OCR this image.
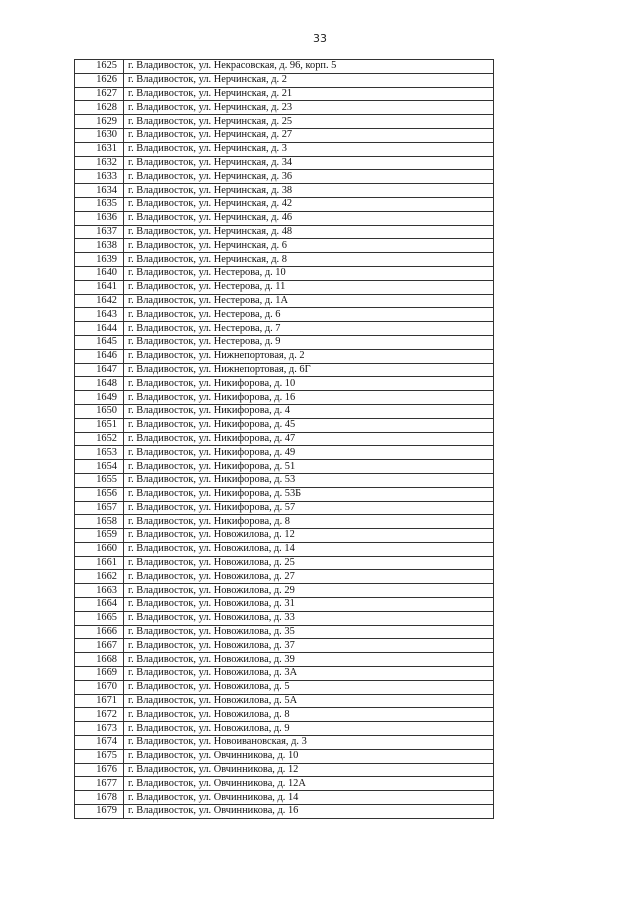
33
1625	г. Владивосток, ул. Некрасовская, д. 96, корп. 5
1626	г. Владивосток, ул. Нерчинская, д. 2
1627	г. Владивосток, ул. Нерчинская, д. 21
1628	г. Владивосток, ул. Нерчинская, д. 23
1629	г. Владивосток, ул. Нерчинская, д. 25
1630	г. Владивосток, ул. Нерчинская, д. 27
1631	г. Владивосток, ул. Нерчинская, д. 3
1632	г. Владивосток, ул. Нерчинская, д. 34
1633	г. Владивосток, ул. Нерчинская, д. 36
1634	г. Владивосток, ул. Нерчинская, д. 38
1635	г. Владивосток, ул. Нерчинская, д. 42
1636	г. Владивосток, ул. Нерчинская, д. 46
1637	г. Владивосток, ул. Нерчинская, д. 48
1638	г. Владивосток, ул. Нерчинская, д. 6
1639	г. Владивосток, ул. Нерчинская, д. 8
1640	г. Владивосток, ул. Нестерова, д. 10
1641	г. Владивосток, ул. Нестерова, д. 11
1642	г. Владивосток, ул. Нестерова, д. 1А
1643	г. Владивосток, ул. Нестерова, д. 6
1644	г. Владивосток, ул. Нестерова, д. 7
1645	г. Владивосток, ул. Нестерова, д. 9
1646	г. Владивосток, ул. Нижнепортовая, д. 2
1647	г. Владивосток, ул. Нижнепортовая, д. 6Г
1648	г. Владивосток, ул. Никифорова, д. 10
1649	г. Владивосток, ул. Никифорова, д. 16
1650	г. Владивосток, ул. Никифорова, д. 4
1651	г. Владивосток, ул. Никифорова, д. 45
1652	г. Владивосток, ул. Никифорова, д. 47
1653	г. Владивосток, ул. Никифорова, д. 49
1654	г. Владивосток, ул. Никифорова, д. 51
1655	г. Владивосток, ул. Никифорова, д. 53
1656	г. Владивосток, ул. Никифорова, д. 53Б
1657	г. Владивосток, ул. Никифорова, д. 57
1658	г. Владивосток, ул. Никифорова, д. 8
1659	г. Владивосток, ул. Новожилова, д. 12
1660	г. Владивосток, ул. Новожилова, д. 14
1661	г. Владивосток, ул. Новожилова, д. 25
1662	г. Владивосток, ул. Новожилова, д. 27
1663	г. Владивосток, ул. Новожилова, д. 29
1664	г. Владивосток, ул. Новожилова, д. 31
1665	г. Владивосток, ул. Новожилова, д. 33
1666	г. Владивосток, ул. Новожилова, д. 35
1667	г. Владивосток, ул. Новожилова, д. 37
1668	г. Владивосток, ул. Новожилова, д. 39
1669	г. Владивосток, ул. Новожилова, д. 3А
1670	г. Владивосток, ул. Новожилова, д. 5
1671	г. Владивосток, ул. Новожилова, д. 5А
1672	г. Владивосток, ул. Новожилова, д. 8
1673	г. Владивосток, ул. Новожилова, д. 9
1674	г. Владивосток, ул. Новоивановская, д. 3
1675	г. Владивосток, ул. Овчинникова, д. 10
1676	г. Владивосток, ул. Овчинникова, д. 12
1677	г. Владивосток, ул. Овчинникова, д. 12А
1678	г. Владивосток, ул. Овчинникова, д. 14
1679	г. Владивосток, ул. Овчинникова, д. 16
